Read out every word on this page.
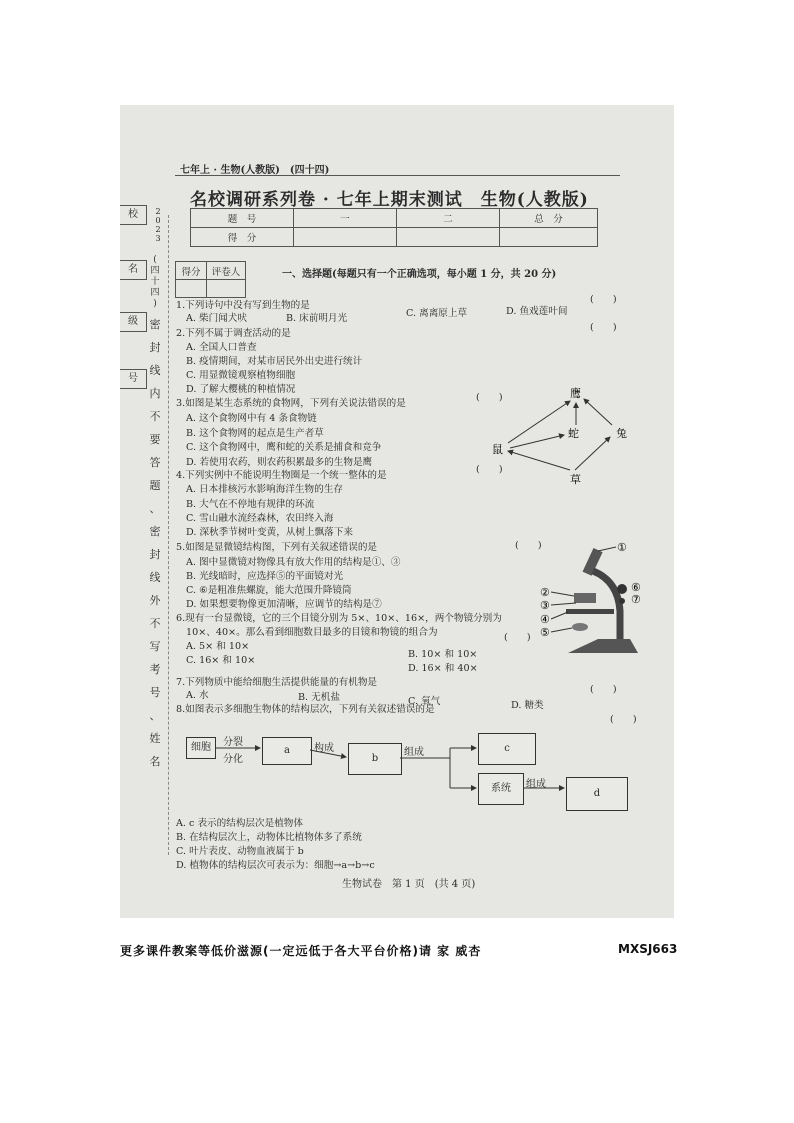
七年上 · 生物(人教版)　(四十四)
名校调研系列卷 · 七年上期末测试　生物(人教版)
题　号	一	二	总　分
得　分			
校
名
级
号
2
0
2
3
(
四
十
四
)
密
封
线
内
不
要
答
题
、
密
封
线
外
不
写
考
号
、
姓
名
得分	评卷人
		一、选择题(每题只有一个正确选项，每小题 1 分，共 20 分)
1.下列诗句中没有写到生物的是
(　　)
A. 柴门闻犬吠	B. 床前明月光	C. 离离原上草	D. 鱼戏莲叶间
2.下列不属于调查活动的是
(　　)
A. 全国人口普查
B. 疫情期间，对某市居民外出史进行统计
C. 用显微镜观察植物细胞
D. 了解大樱桃的种植情况
3.如图是某生态系统的食物网，下列有关说法错误的是
(　　)
A. 这个食物网中有 4 条食物链
B. 这个食物网的起点是生产者草
C. 这个食物网中，鹰和蛇的关系是捕食和竞争
D. 若使用农药，则农药积累最多的生物是鹰
鹰
蛇	兔
鼠
草
4.下列实例中不能说明生物圈是一个统一整体的是
(　　)
A. 日本排核污水影响海洋生物的生存
B. 大气在不停地有规律的环流
C. 雪山融水流经森林，农田终入海
D. 深秋季节树叶变黄，从树上飘落下来
5.如图是显微镜结构图，下列有关叙述错误的是	(　　)
A. 图中显微镜对物像具有放大作用的结构是①、③
B. 光线暗时，应选择⑤的平面镜对光
C. ⑥是粗准焦螺旋，能大范围升降镜筒
D. 如果想要物像更加清晰，应调节的结构是⑦
①
②
③
④
⑤
⑥
⑦
6.现有一台显微镜，它的三个目镜分别为 5×、10×、16×，两个物镜分别为
10×、40×。那么看到细胞数目最多的目镜和物镜的组合为	(　　)
A. 5× 和 10×
B. 10× 和 10×
C. 16× 和 10×
D. 16× 和 40×
7.下列物质中能给细胞生活提供能量的有机物是
(　　)
A. 水	B. 无机盐	C. 氧气	D. 糖类
8.如图表示多细胞生物体的结构层次，下列有关叙述错误的是
(　　)
细胞	分裂
分化
a	构成
b
组成	c
系统	组成
d
A. c 表示的结构层次是植物体
B. 在结构层次上，动物体比植物体多了系统
C. 叶片表皮、动物血液属于 b
D. 植物体的结构层次可表示为：细胞→a→b→c
生物试卷　第 1 页　(共 4 页)
更多课件教案等低价滋源(一定远低于各大平台价格)请 家 威杏	MXSJ663
